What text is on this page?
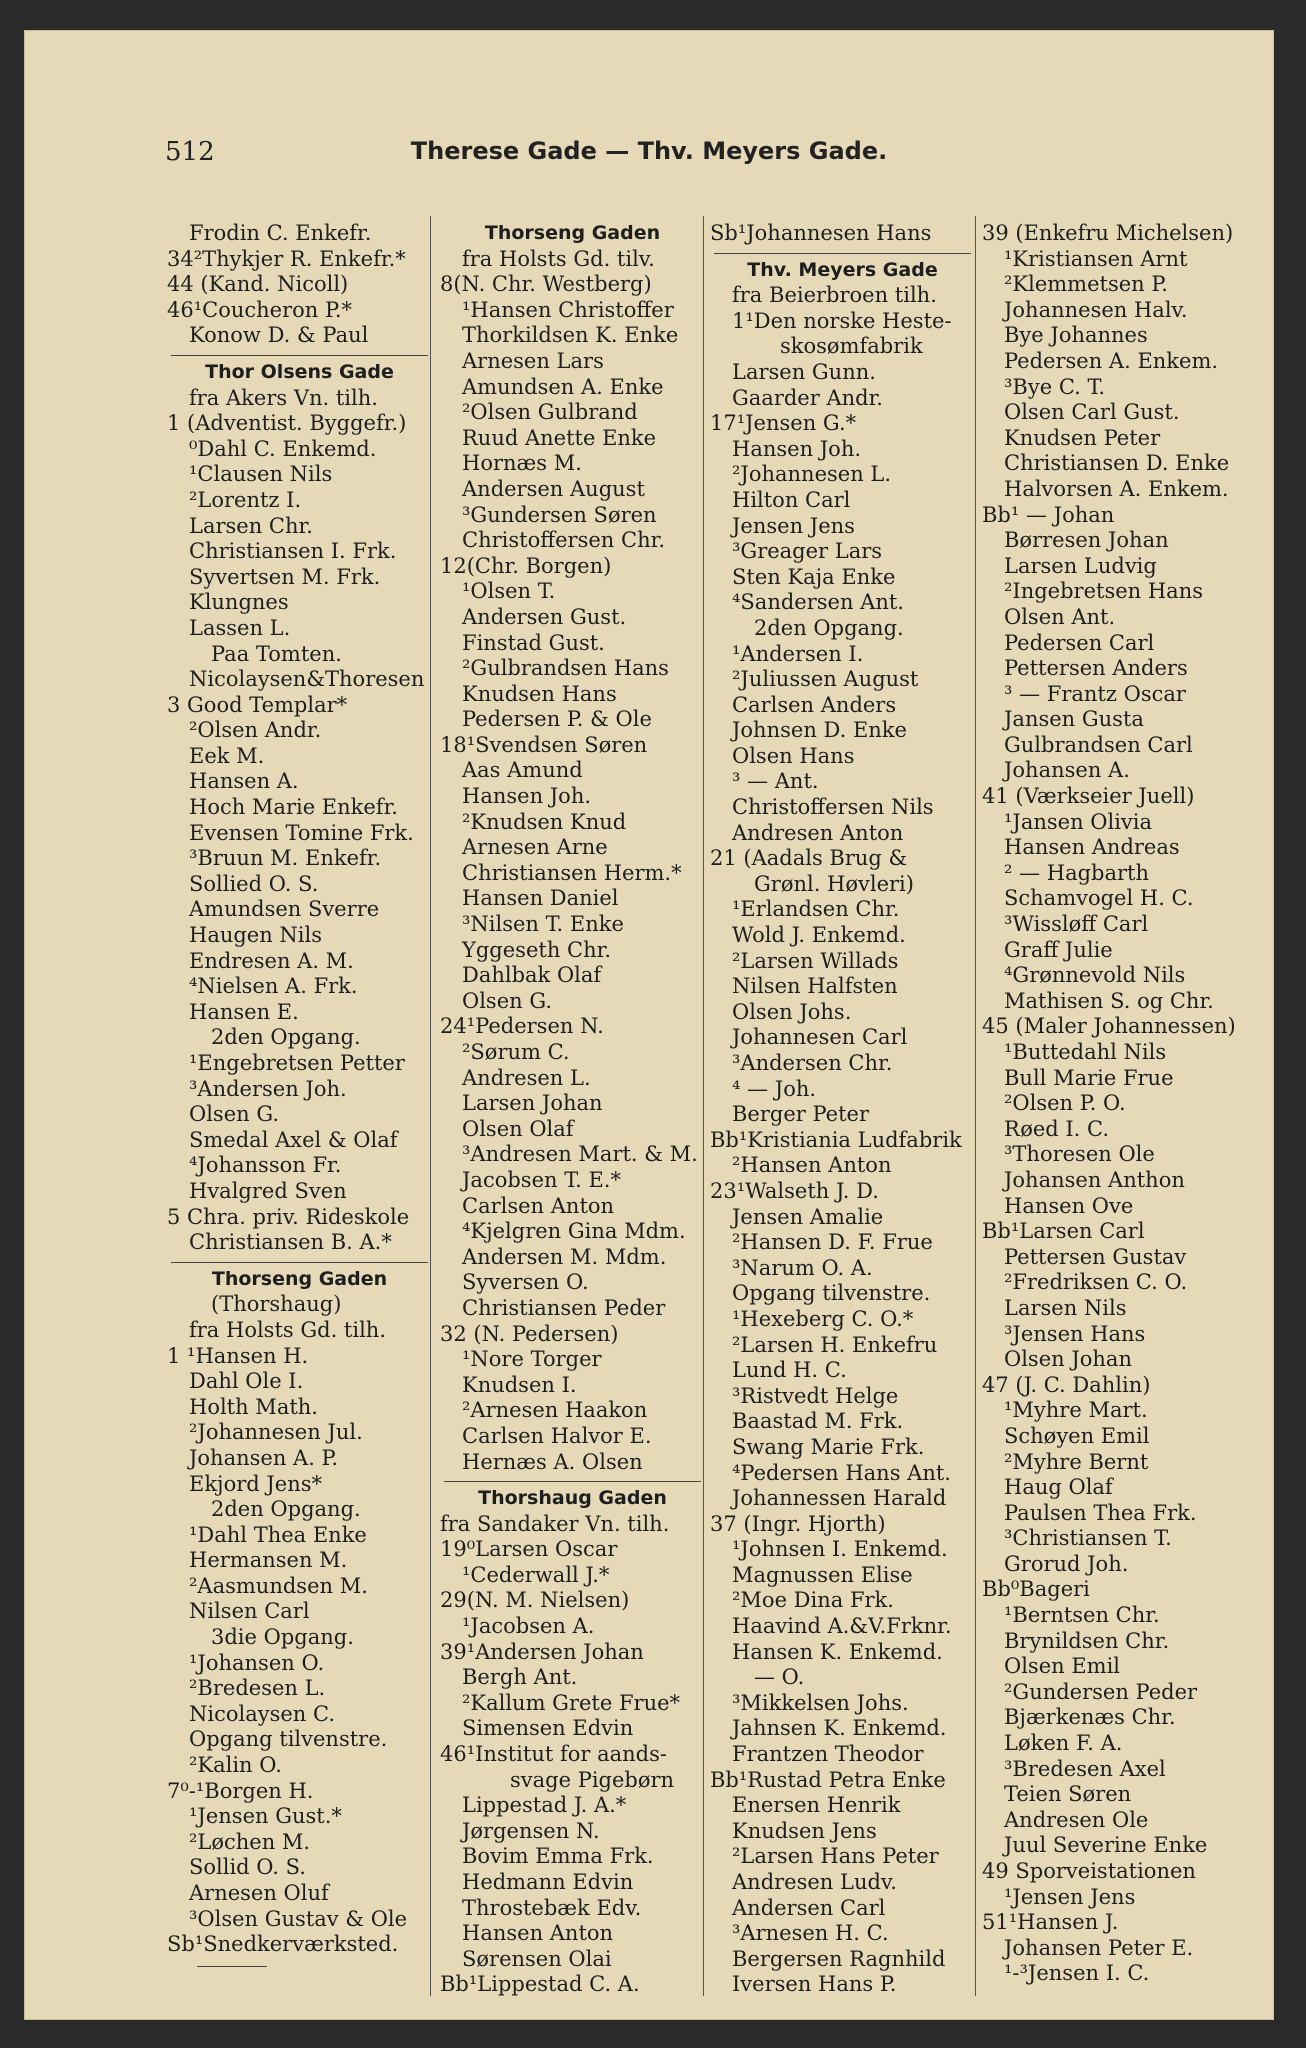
512	Therese Gade — Thv. Meyers Gade.
Frodin C. Enkefr.
34²Thykjer R. Enkefr.*
44 (Kand. Nicoll)
46¹Coucheron P.*
Konow D. & Paul
Thor Olsens Gade
fra Akers Vn. tilh.
1 (Adventist. Byggefr.)
⁰Dahl C. Enkemd.
¹Clausen Nils
²Lorentz I.
Larsen Chr.
Christiansen I. Frk.
Syvertsen M. Frk.
Klungnes
Lassen L.
Paa Tomten.
Nicolaysen&Thoresen
3 Good Templar*
²Olsen Andr.
Eek M.
Hansen A.
Hoch Marie Enkefr.
Evensen Tomine Frk.
³Bruun M. Enkefr.
Sollied O. S.
Amundsen Sverre
Haugen Nils
Endresen A. M.
⁴Nielsen A. Frk.
Hansen E.
2den Opgang.
¹Engebretsen Petter
³Andersen Joh.
Olsen G.
Smedal Axel & Olaf
⁴Johansson Fr.
Hvalgred Sven
5 Chra. priv. Rideskole
Christiansen B. A.*
Thorseng Gaden
(Thorshaug)
fra Holsts Gd. tilh.
1 ¹Hansen H.
Dahl Ole I.
Holth Math.
²Johannesen Jul.
Johansen A. P.
Ekjord Jens*
2den Opgang.
¹Dahl Thea Enke
Hermansen M.
²Aasmundsen M.
Nilsen Carl
3die Opgang.
¹Johansen O.
²Bredesen L.
Nicolaysen C.
Opgang tilvenstre.
²Kalin O.
7⁰-¹Borgen H.
¹Jensen Gust.*
²Løchen M.
Sollid O. S.
Arnesen Oluf
³Olsen Gustav & Ole
Sb¹Snedkerværksted.
Thorseng Gaden
fra Holsts Gd. tilv.
8(N. Chr. Westberg)
¹Hansen Christoffer
Thorkildsen K. Enke
Arnesen Lars
Amundsen A. Enke
²Olsen Gulbrand
Ruud Anette Enke
Hornæs M.
Andersen August
³Gundersen Søren
Christoffersen Chr.
12(Chr. Borgen)
¹Olsen T.
Andersen Gust.
Finstad Gust.
²Gulbrandsen Hans
Knudsen Hans
Pedersen P. & Ole
18¹Svendsen Søren
Aas Amund
Hansen Joh.
²Knudsen Knud
Arnesen Arne
Christiansen Herm.*
Hansen Daniel
³Nilsen T. Enke
Yggeseth Chr.
Dahlbak Olaf
Olsen G.
24¹Pedersen N.
²Sørum C.
Andresen L.
Larsen Johan
Olsen Olaf
³Andresen Mart. & M.
Jacobsen T. E.*
Carlsen Anton
⁴Kjelgren Gina Mdm.
Andersen M. Mdm.
Syversen O.
Christiansen Peder
32 (N. Pedersen)
¹Nore Torger
Knudsen I.
²Arnesen Haakon
Carlsen Halvor E.
Hernæs A. Olsen
Thorshaug Gaden
fra Sandaker Vn. tilh.
19⁰Larsen Oscar
¹Cederwall J.*
29(N. M. Nielsen)
¹Jacobsen A.
39¹Andersen Johan
Bergh Ant.
²Kallum Grete Frue*
Simensen Edvin
46¹Institut for aands-
svage Pigebørn
Lippestad J. A.*
Jørgensen N.
Bovim Emma Frk.
Hedmann Edvin
Throstebæk Edv.
Hansen Anton
Sørensen Olai
Bb¹Lippestad C. A.
Sb¹Johannesen Hans
Thv. Meyers Gade
fra Beierbroen tilh.
1¹Den norske Heste-
skosømfabrik
Larsen Gunn.
Gaarder Andr.
17¹Jensen G.*
Hansen Joh.
²Johannesen L.
Hilton Carl
Jensen Jens
³Greager Lars
Sten Kaja Enke
⁴Sandersen Ant.
2den Opgang.
¹Andersen I.
²Juliussen August
Carlsen Anders
Johnsen D. Enke
Olsen Hans
³ — Ant.
Christoffersen Nils
Andresen Anton
21 (Aadals Brug &
Grønl. Høvleri)
¹Erlandsen Chr.
Wold J. Enkemd.
²Larsen Willads
Nilsen Halfsten
Olsen Johs.
Johannesen Carl
³Andersen Chr.
⁴ — Joh.
Berger Peter
Bb¹Kristiania Ludfabrik
²Hansen Anton
23¹Walseth J. D.
Jensen Amalie
²Hansen D. F. Frue
³Narum O. A.
Opgang tilvenstre.
¹Hexeberg C. O.*
²Larsen H. Enkefru
Lund H. C.
³Ristvedt Helge
Baastad M. Frk.
Swang Marie Frk.
⁴Pedersen Hans Ant.
Johannessen Harald
37 (Ingr. Hjorth)
¹Johnsen I. Enkemd.
Magnussen Elise
²Moe Dina Frk.
Haavind A.&V.Frknr.
Hansen K. Enkemd.
— O.
³Mikkelsen Johs.
Jahnsen K. Enkemd.
Frantzen Theodor
Bb¹Rustad Petra Enke
Enersen Henrik
Knudsen Jens
²Larsen Hans Peter
Andresen Ludv.
Andersen Carl
³Arnesen H. C.
Bergersen Ragnhild
Iversen Hans P.
39 (Enkefru Michelsen)
¹Kristiansen Arnt
²Klemmetsen P.
Johannesen Halv.
Bye Johannes
Pedersen A. Enkem.
³Bye C. T.
Olsen Carl Gust.
Knudsen Peter
Christiansen D. Enke
Halvorsen A. Enkem.
Bb¹ — Johan
Børresen Johan
Larsen Ludvig
²Ingebretsen Hans
Olsen Ant.
Pedersen Carl
Pettersen Anders
³ — Frantz Oscar
Jansen Gusta
Gulbrandsen Carl
Johansen A.
41 (Værkseier Juell)
¹Jansen Olivia
Hansen Andreas
² — Hagbarth
Schamvogel H. C.
³Wissløff Carl
Graff Julie
⁴Grønnevold Nils
Mathisen S. og Chr.
45 (Maler Johannessen)
¹Buttedahl Nils
Bull Marie Frue
²Olsen P. O.
Røed I. C.
³Thoresen Ole
Johansen Anthon
Hansen Ove
Bb¹Larsen Carl
Pettersen Gustav
²Fredriksen C. O.
Larsen Nils
³Jensen Hans
Olsen Johan
47 (J. C. Dahlin)
¹Myhre Mart.
Schøyen Emil
²Myhre Bernt
Haug Olaf
Paulsen Thea Frk.
³Christiansen T.
Grorud Joh.
Bb⁰Bageri
¹Berntsen Chr.
Brynildsen Chr.
Olsen Emil
²Gundersen Peder
Bjærkenæs Chr.
Løken F. A.
³Bredesen Axel
Teien Søren
Andresen Ole
Juul Severine Enke
49 Sporveistationen
¹Jensen Jens
51¹Hansen J.
Johansen Peter E.
¹-³Jensen I. C.
